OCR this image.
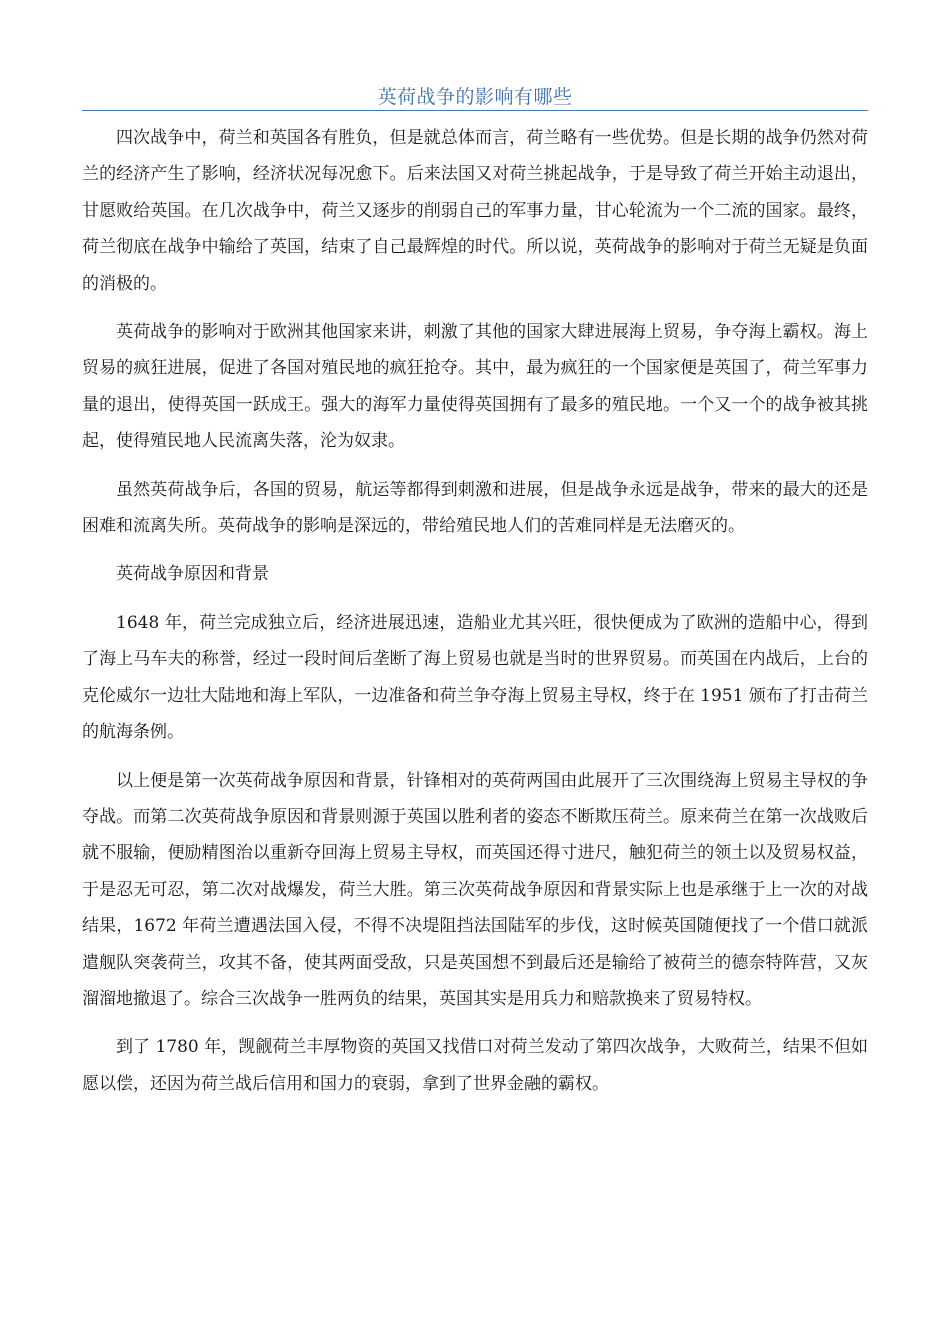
英荷战争的影响有哪些

四次战争中，荷兰和英国各有胜负，但是就总体而言，荷兰略有一些优势。但是长期的战争仍然对荷兰的经济产生了影响，经济状况每况愈下。后来法国又对荷兰挑起战争，于是导致了荷兰开始主动退出，甘愿败给英国。在几次战争中，荷兰又逐步的削弱自己的军事力量，甘心轮流为一个二流的国家。最终，荷兰彻底在战争中输给了英国，结束了自己最辉煌的时代。所以说，英荷战争的影响对于荷兰无疑是负面的消极的。

英荷战争的影响对于欧洲其他国家来讲，刺激了其他的国家大肆进展海上贸易，争夺海上霸权。海上贸易的疯狂进展，促进了各国对殖民地的疯狂抢夺。其中，最为疯狂的一个国家便是英国了，荷兰军事力量的退出，使得英国一跃成王。强大的海军力量使得英国拥有了最多的殖民地。一个又一个的战争被其挑起，使得殖民地人民流离失落，沦为奴隶。

虽然英荷战争后，各国的贸易，航运等都得到刺激和进展，但是战争永远是战争，带来的最大的还是困难和流离失所。英荷战争的影响是深远的，带给殖民地人们的苦难同样是无法磨灭的。

英荷战争原因和背景

1648 年，荷兰完成独立后，经济进展迅速，造船业尤其兴旺，很快便成为了欧洲的造船中心，得到了海上马车夫的称誉，经过一段时间后垄断了海上贸易也就是当时的世界贸易。而英国在内战后，上台的克伦威尔一边壮大陆地和海上军队，一边准备和荷兰争夺海上贸易主导权，终于在 1951 颁布了打击荷兰的航海条例。

以上便是第一次英荷战争原因和背景，针锋相对的英荷两国由此展开了三次围绕海上贸易主导权的争夺战。而第二次英荷战争原因和背景则源于英国以胜利者的姿态不断欺压荷兰。原来荷兰在第一次战败后就不服输，便励精图治以重新夺回海上贸易主导权，而英国还得寸进尺，触犯荷兰的领土以及贸易权益，于是忍无可忍，第二次对战爆发，荷兰大胜。第三次英荷战争原因和背景实际上也是承继于上一次的对战结果，1672 年荷兰遭遇法国入侵，不得不决堤阻挡法国陆军的步伐，这时候英国随便找了一个借口就派遣舰队突袭荷兰，攻其不备，使其两面受敌，只是英国想不到最后还是输给了被荷兰的德奈特阵营，又灰溜溜地撤退了。综合三次战争一胜两负的结果，英国其实是用兵力和赔款换来了贸易特权。

到了 1780 年，觊觎荷兰丰厚物资的英国又找借口对荷兰发动了第四次战争，大败荷兰，结果不但如愿以偿，还因为荷兰战后信用和国力的衰弱，拿到了世界金融的霸权。
